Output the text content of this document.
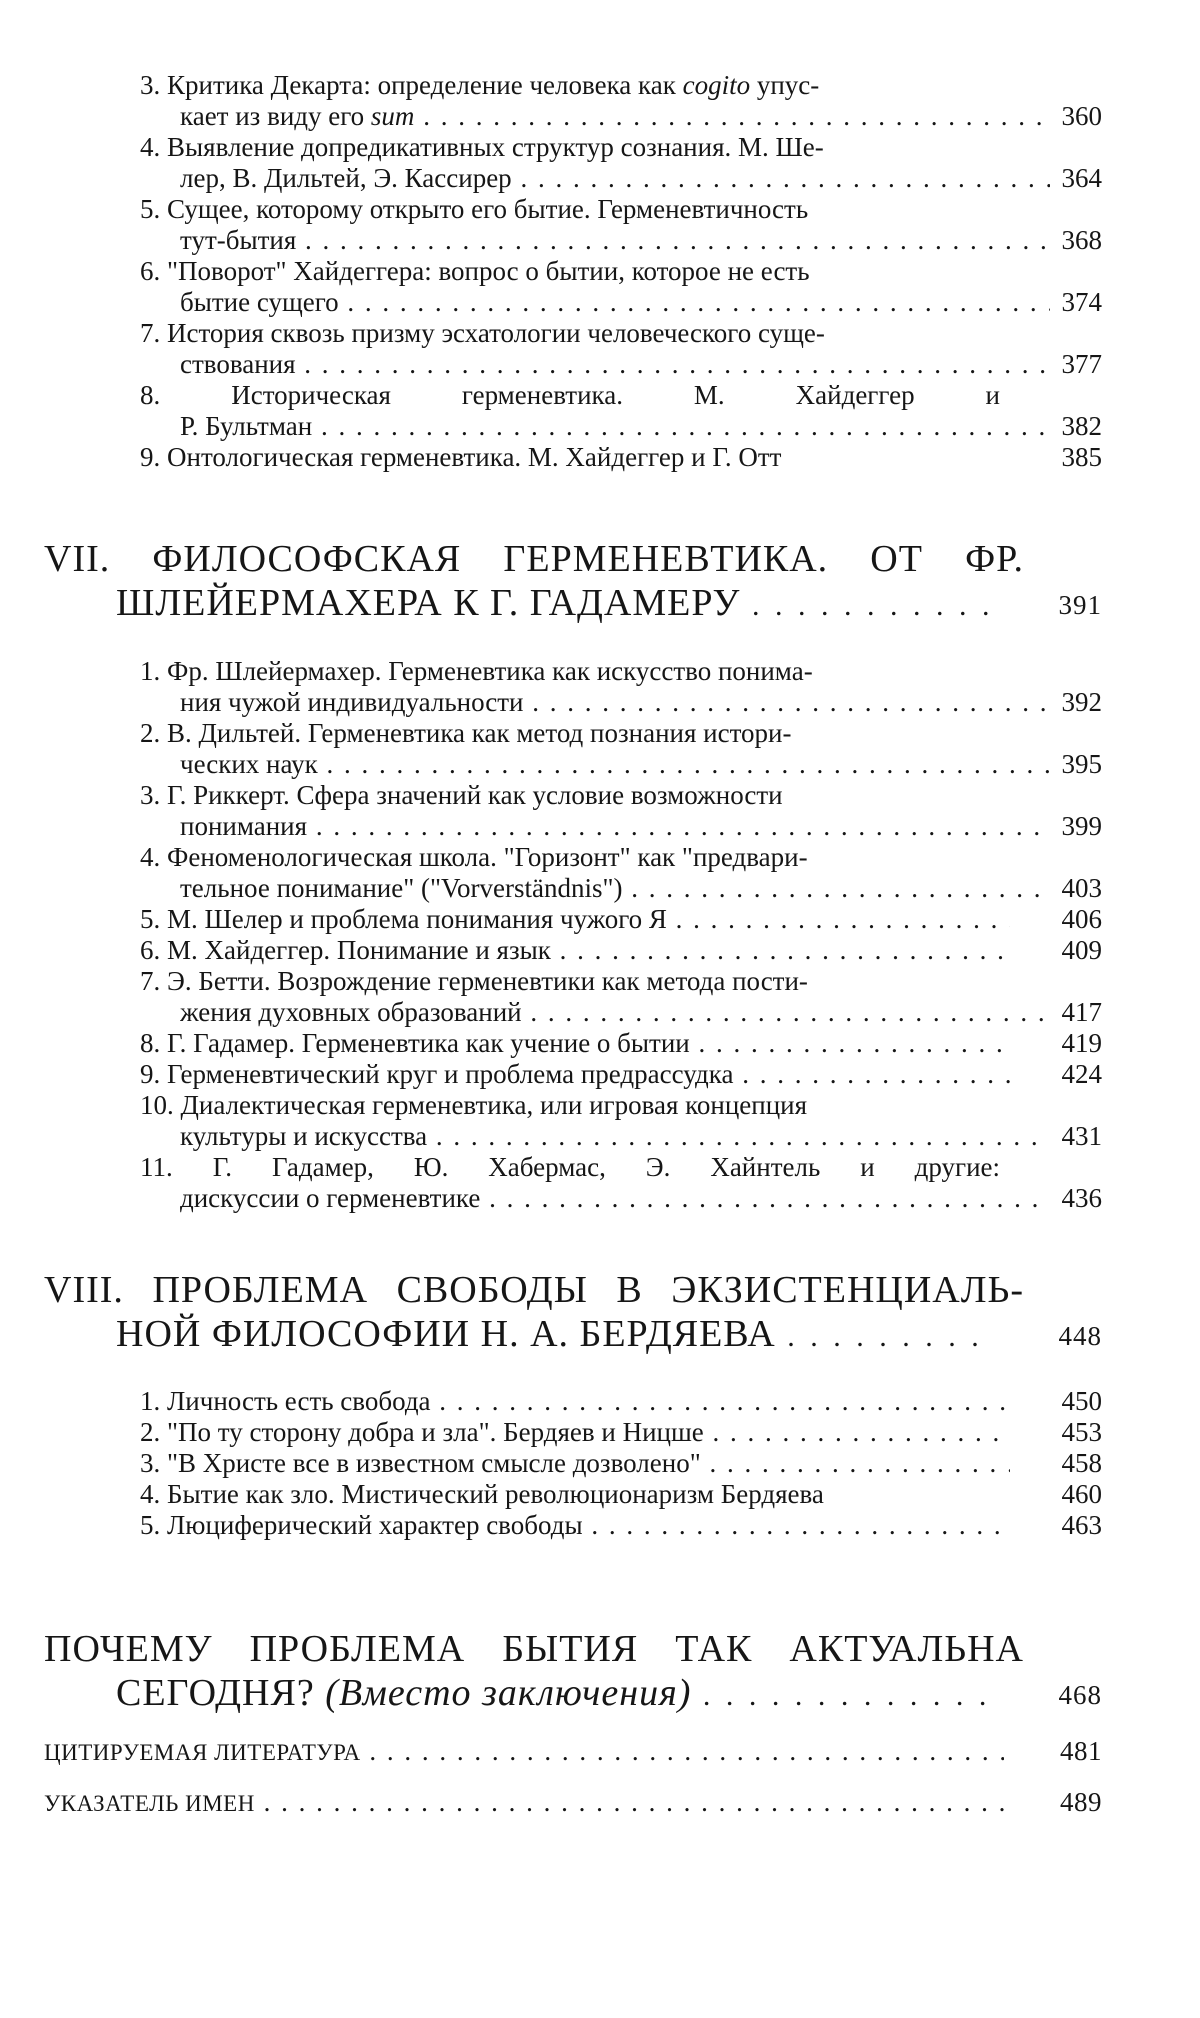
3. Критика Декарта: определение человека как cogito упус-
кает из виду его sum . . .	360
4. Выявление допредикативных структур сознания. М. Ше-
лер, В. Дильтей, Э. Кассирер . . .	364
5. Сущее, которому открыто его бытие. Герменевтичность
тут-бытия . . .	368
6. "Поворот" Хайдеггера: вопрос о бытии, которое не есть
бытие сущего . . .	374
7. История сквозь призму эсхатологии человеческого суще-
ствования . . .	377
8.	Историческая герменевтика. М. Хайдеггер и
Р. Бультман . . .	382
9. Онтологическая герменевтика. М. Хайдеггер и Г. Отт	385
VII. ФИЛОСОФСКАЯ ГЕРМЕНЕВТИКА. ОТ ФР.
ШЛЕЙЕРМАХЕРА К Г. ГАДАМЕРУ . . .	391
1. Фр. Шлейермахер. Герменевтика как искусство понима-
ния чужой индивидуальности . . .	392
2. В. Дильтей. Герменевтика как метод познания истори-
ческих наук . . .	395
3. Г. Риккерт. Сфера значений как условие возможности
понимания . . .	399
4. Феноменологическая школа. "Горизонт" как "предвари-
тельное понимание" ("Vorverständnis") . . .	403
5. М. Шелер и проблема понимания чужого Я . . .	406
6. М. Хайдеггер. Понимание и язык . . .	409
7. Э. Бетти. Возрождение герменевтики как метода пости-
жения духовных образований . . .	417
8. Г. Гадамер. Герменевтика как учение о бытии . . .	419
9. Герменевтический круг и проблема предрассудка . . .	424
10. Диалектическая герменевтика, или игровая концепция
культуры и искусства . . .	431
11. Г. Гадамер, Ю. Хабермас, Э. Хайнтель и другие:
дискуссии о герменевтике . . .	436
VIII. ПРОБЛЕМА СВОБОДЫ В ЭКЗИСТЕНЦИАЛЬ-
НОЙ ФИЛОСОФИИ Н. А. БЕРДЯЕВА . . .	448
1. Личность есть свобода . . .	450
2. "По ту сторону добра и зла". Бердяев и Ницше . . .	453
3. "В Христе все в известном смысле дозволено" . . .	458
4. Бытие как зло. Мистический революционаризм Бердяева	460
5. Люциферический характер свободы . . .	463
ПОЧЕМУ ПРОБЛЕМА БЫТИЯ ТАК АКТУАЛЬНА
СЕГОДНЯ? (Вместо заключения) . . .	468
ЦИТИРУЕМАЯ ЛИТЕРАТУРА . . .	481
УКАЗАТЕЛЬ ИМЕН . . .	489
